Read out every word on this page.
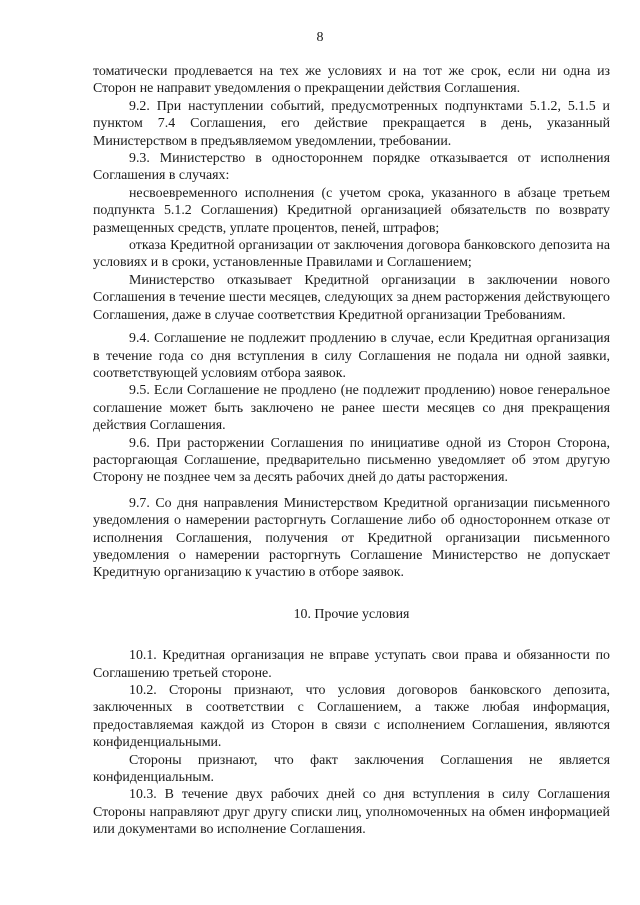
8

томатически продлевается на тех же условиях и на тот же срок, если ни одна из Сторон не направит уведомления о прекращении действия Соглашения.

9.2. При наступлении событий, предусмотренных подпунктами 5.1.2, 5.1.5 и пунктом 7.4 Соглашения, его действие прекращается в день, указанный Министерством в предъявляемом уведомлении, требовании.

9.3. Министерство в одностороннем порядке отказывается от исполнения Соглашения в случаях:

несвоевременного исполнения (с учетом срока, указанного в абзаце третьем подпункта 5.1.2 Соглашения) Кредитной организацией обязательств по возврату размещенных средств, уплате процентов, пеней, штрафов;

отказа Кредитной организации от заключения договора банковского депозита на условиях и в сроки, установленные Правилами и Соглашением;

Министерство отказывает Кредитной организации в заключении нового Соглашения в течение шести месяцев, следующих за днем расторжения действующего Соглашения, даже в случае соответствия Кредитной организации Требованиям.

9.4. Соглашение не подлежит продлению в случае, если Кредитная организация в течение года со дня вступления в силу Соглашения не подала ни одной заявки, соответствующей условиям отбора заявок.

9.5. Если Соглашение не продлено (не подлежит продлению) новое генеральное соглашение может быть заключено не ранее шести месяцев со дня прекращения действия Соглашения.

9.6. При расторжении Соглашения по инициативе одной из Сторон Сторона, расторгающая Соглашение, предварительно письменно уведомляет об этом другую Сторону не позднее чем за десять рабочих дней до даты расторжения.

9.7. Со дня направления Министерством Кредитной организации письменного уведомления о намерении расторгнуть Соглашение либо об одностороннем отказе от исполнения Соглашения, получения от Кредитной организации письменного уведомления о намерении расторгнуть Соглашение Министерство не допускает Кредитную организацию к участию в отборе заявок.

10. Прочие условия

10.1. Кредитная организация не вправе уступать свои права и обязанности по Соглашению третьей стороне.

10.2. Стороны признают, что условия договоров банковского депозита, заключенных в соответствии с Соглашением, а также любая информация, предоставляемая каждой из Сторон в связи с исполнением Соглашения, являются конфиденциальными.

Стороны признают, что факт заключения Соглашения не является конфиденциальным.

10.3. В течение двух рабочих дней со дня вступления в силу Соглашения Стороны направляют друг другу списки лиц, уполномоченных на обмен информацией или документами во исполнение Соглашения.
